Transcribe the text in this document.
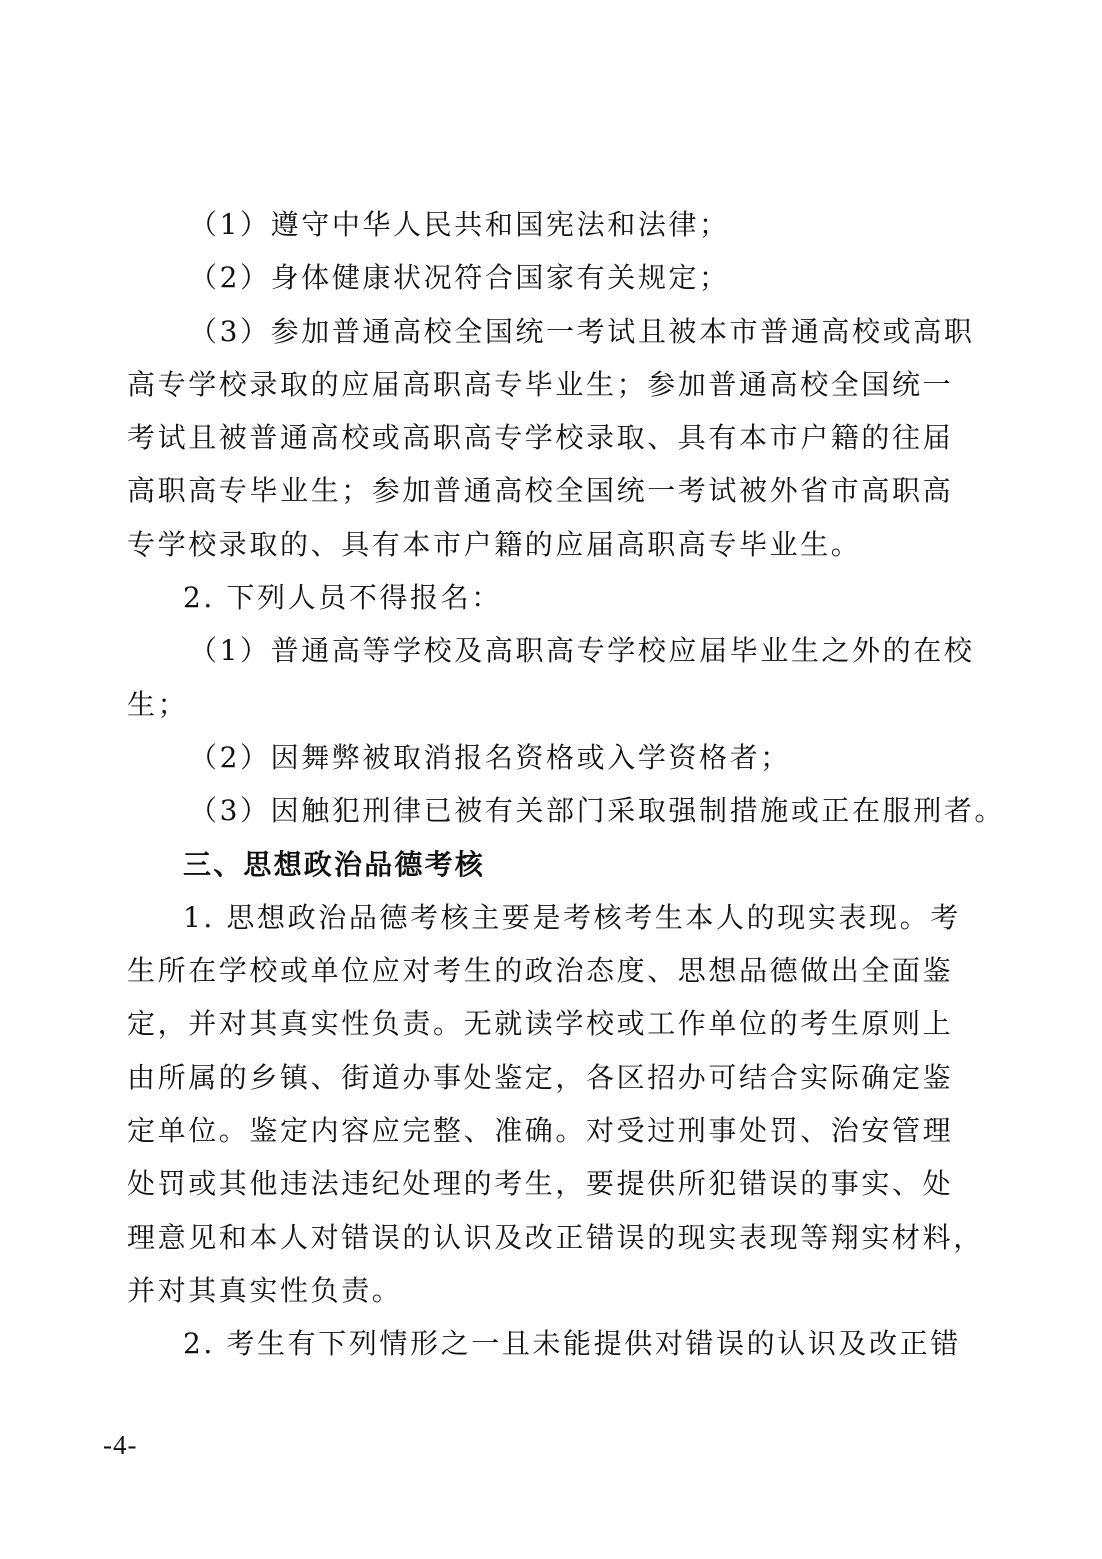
（1）遵守中华人民共和国宪法和法律；
（2）身体健康状况符合国家有关规定；
（3）参加普通高校全国统一考试且被本市普通高校或高职
高专学校录取的应届高职高专毕业生；参加普通高校全国统一
考试且被普通高校或高职高专学校录取、具有本市户籍的往届
高职高专毕业生；参加普通高校全国统一考试被外省市高职高
专学校录取的、具有本市户籍的应届高职高专毕业生。
2. 下列人员不得报名：
（1）普通高等学校及高职高专学校应届毕业生之外的在校
生；
（2）因舞弊被取消报名资格或入学资格者；
（3）因触犯刑律已被有关部门采取强制措施或正在服刑者。
三、思想政治品德考核
1. 思想政治品德考核主要是考核考生本人的现实表现。考
生所在学校或单位应对考生的政治态度、思想品德做出全面鉴
定，并对其真实性负责。无就读学校或工作单位的考生原则上
由所属的乡镇、街道办事处鉴定，各区招办可结合实际确定鉴
定单位。鉴定内容应完整、准确。对受过刑事处罚、治安管理
处罚或其他违法违纪处理的考生，要提供所犯错误的事实、处
理意见和本人对错误的认识及改正错误的现实表现等翔实材料，
并对其真实性负责。
2. 考生有下列情形之一且未能提供对错误的认识及改正错
-4-
